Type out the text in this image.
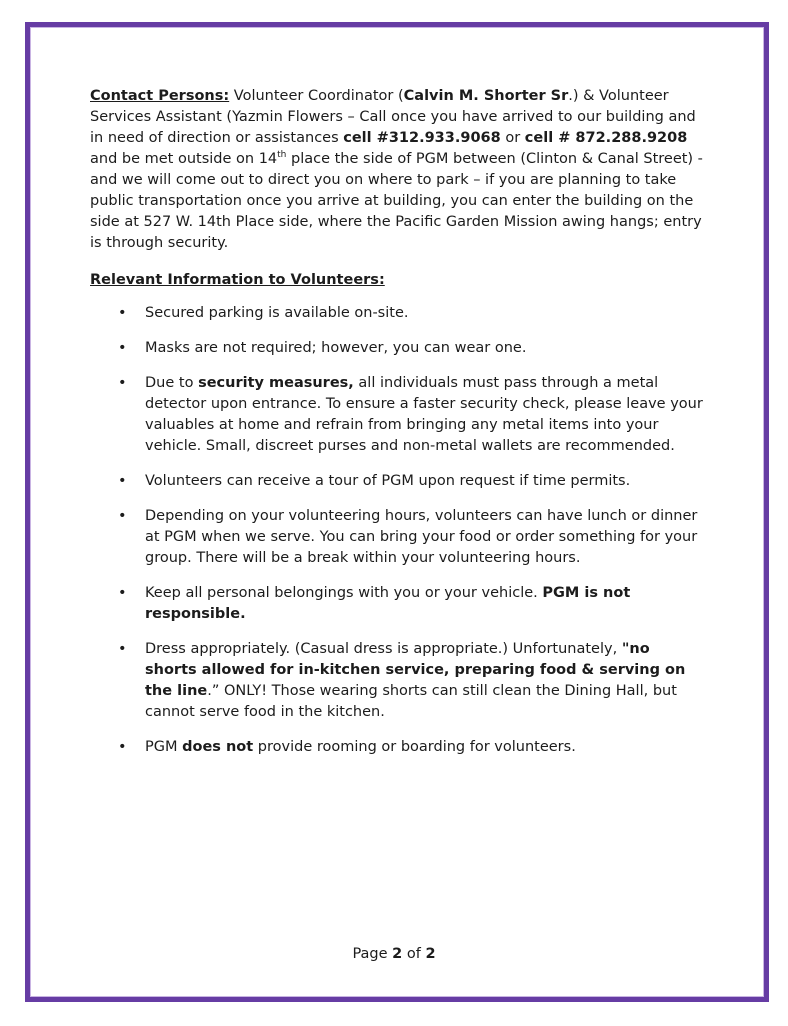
Contact Persons: Volunteer Coordinator (Calvin M. Shorter Sr.) & Volunteer Services Assistant (Yazmin Flowers – Call once you have arrived to our building and in need of direction or assistances cell #312.933.9068 or cell # 872.288.9208 and be met outside on 14th place the side of PGM between (Clinton & Canal Street) - and we will come out to direct you on where to park – if you are planning to take public transportation once you arrive at building, you can enter the building on the side at 527 W. 14th Place side, where the Pacific Garden Mission awing hangs; entry is through security.

Relevant Information to Volunteers:

• Secured parking is available on-site.
• Masks are not required; however, you can wear one.
• Due to security measures, all individuals must pass through a metal detector upon entrance. To ensure a faster security check, please leave your valuables at home and refrain from bringing any metal items into your vehicle. Small, discreet purses and non-metal wallets are recommended.
• Volunteers can receive a tour of PGM upon request if time permits.
• Depending on your volunteering hours, volunteers can have lunch or dinner at PGM when we serve. You can bring your food or order something for your group. There will be a break within your volunteering hours.
• Keep all personal belongings with you or your vehicle. PGM is not responsible.
• Dress appropriately. (Casual dress is appropriate.) Unfortunately, "no shorts allowed for in-kitchen service, preparing food & serving on the line.” ONLY! Those wearing shorts can still clean the Dining Hall, but cannot serve food in the kitchen.
• PGM does not provide rooming or boarding for volunteers.
Page 2 of 2
